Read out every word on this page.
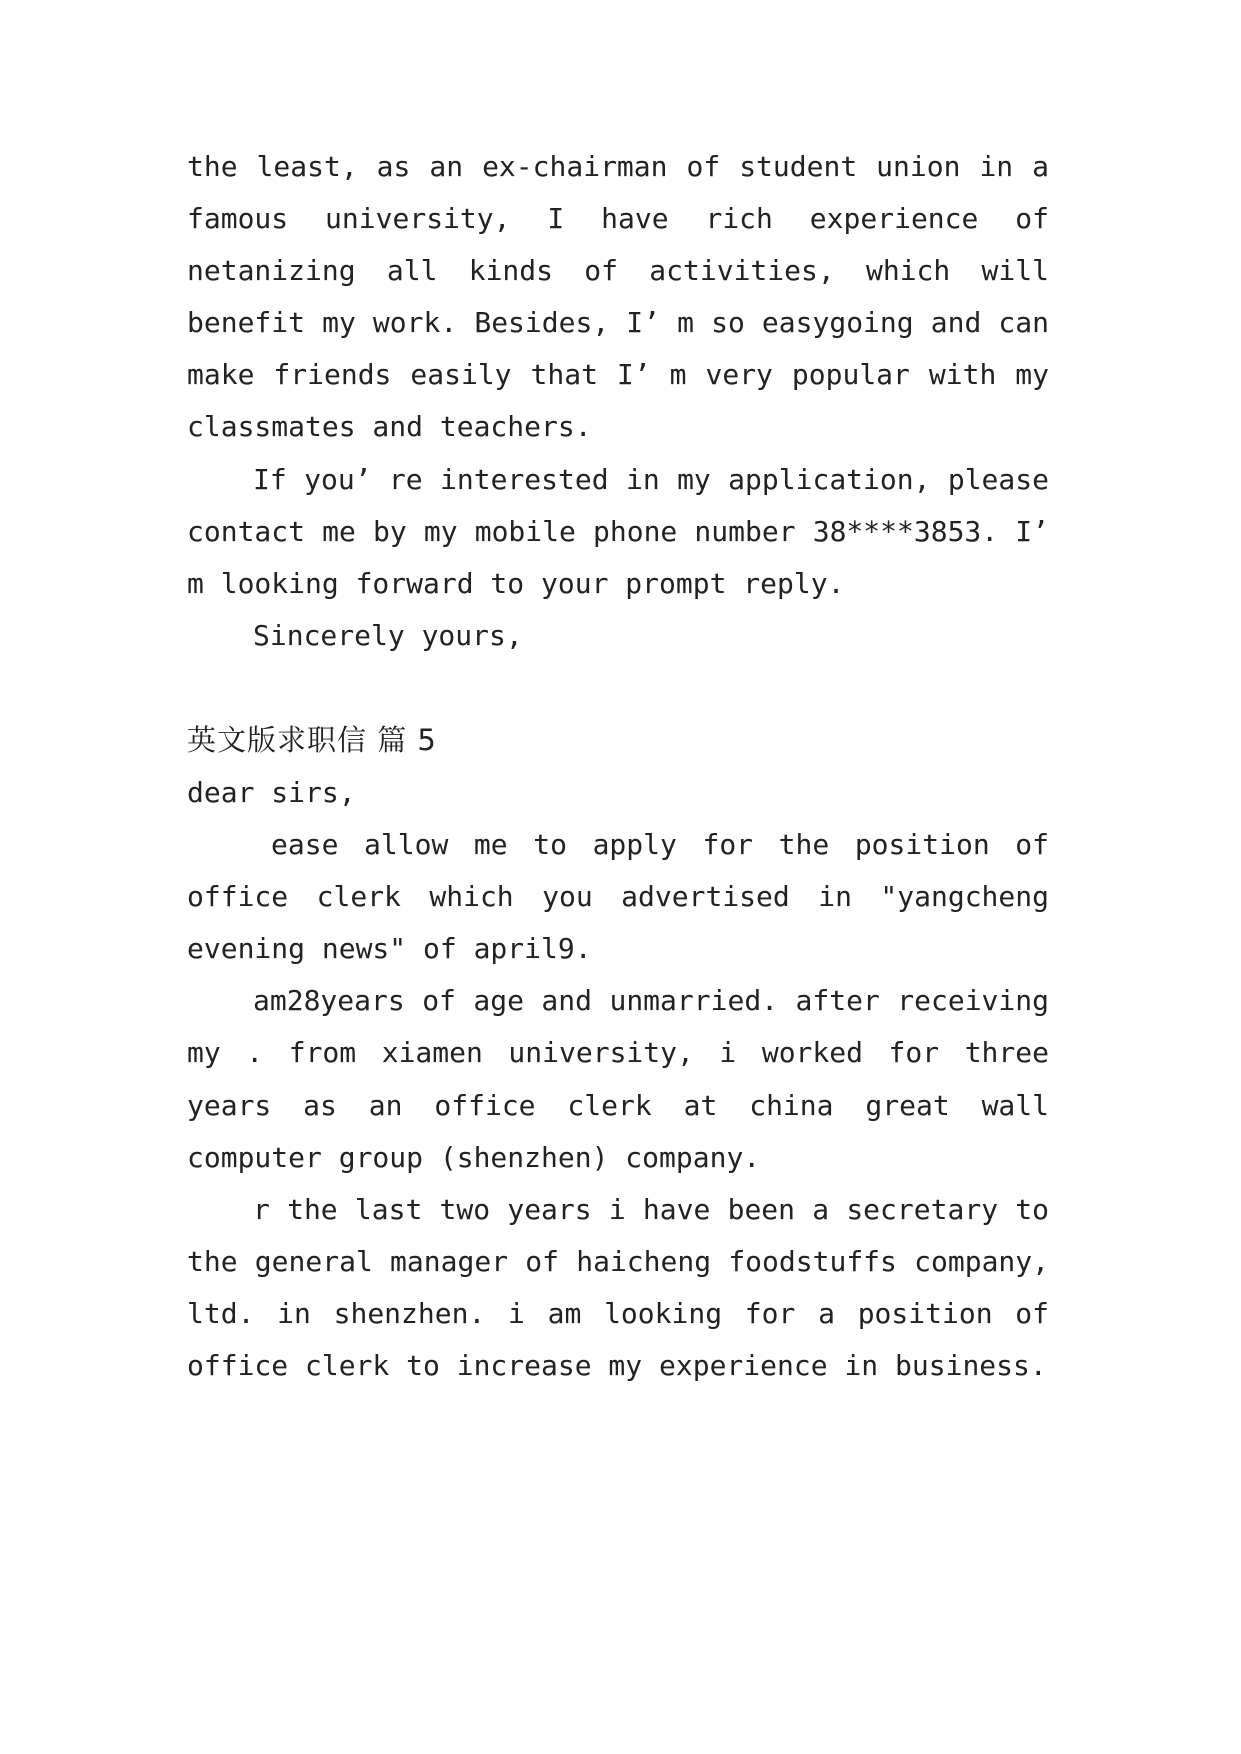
the least, as an ex-chairman of student union in a
famous university, I have rich experience of
netanizing all kinds of activities, which will
benefit my work. Besides, I’ m so easygoing and can
make friends easily that I’ m very popular with my
classmates and teachers.
If you’ re interested in my application, please
contact me by my mobile phone number 38****3853. I’
m looking forward to your prompt reply.
Sincerely yours,
英文版求职信 篇 5
dear sirs,
ease allow me to apply for the position of
office clerk which you advertised in "yangcheng
evening news" of april9.
am28years of age and unmarried. after receiving
my . from xiamen university, i worked for three
years as an office clerk at china great wall
computer group (shenzhen) company.
r the last two years i have been a secretary to
the general manager of haicheng foodstuffs company,
ltd. in shenzhen. i am looking for a position of
office clerk to increase my experience in business.
